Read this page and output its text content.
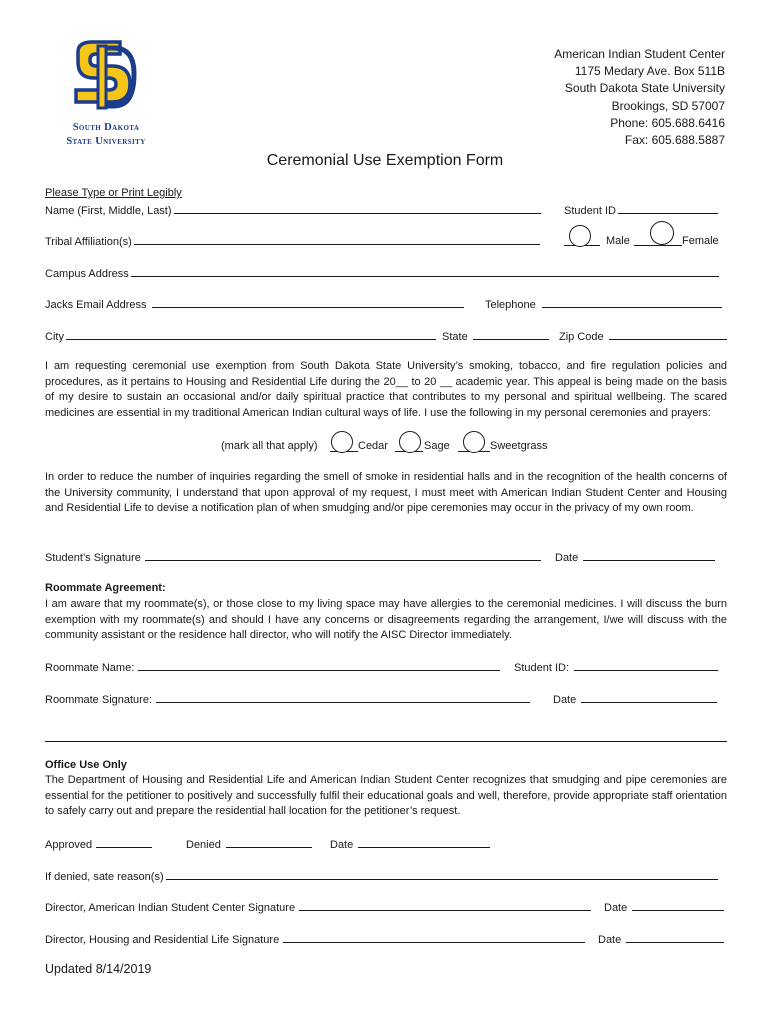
South Dakota
State University
American Indian Student Center
1175 Medary Ave. Box 511B
South Dakota State University
Brookings, SD 57007
Phone: 605.688.6416
Fax: 605.688.5887
Ceremonial Use Exemption Form
Please Type or Print Legibly
Name (First, Middle, Last)	Student ID
Tribal Affiliation(s)	Male	Female
Campus Address
Jacks Email Address	Telephone
City	State	Zip Code
I am requesting ceremonial use exemption from South Dakota State University’s smoking, tobacco, and fire regulation policies and procedures, as it pertains to Housing and Residential Life during the 20__ to 20 __ academic year. This appeal is being made on the basis of my desire to sustain an occasional and/or daily spiritual practice that contributes to my personal and spiritual wellbeing. The scared medicines are essential in my traditional American Indian cultural ways of life. I use the following in my personal ceremonies and prayers:
(mark all that apply)	Cedar	Sage	Sweetgrass
In order to reduce the number of inquiries regarding the smell of smoke in residential halls and in the recognition of the health concerns of the University community, I understand that upon approval of my request, I must meet with American Indian Student Center and Housing and Residential Life to devise a notification plan of when smudging and/or pipe ceremonies may occur in the privacy of my own room.
Student’s Signature	Date
Roommate Agreement:
I am aware that my roommate(s), or those close to my living space may have allergies to the ceremonial medicines. I will discuss the burn exemption with my roommate(s) and should I have any concerns or disagreements regarding the arrangement, I/we will discuss with the community assistant or the residence hall director, who will notify the AISC Director immediately.
Roommate Name:	Student ID:
Roommate Signature:	Date
Office Use Only
The Department of Housing and Residential Life and American Indian Student Center recognizes that smudging and pipe ceremonies are essential for the petitioner to positively and successfully fulfil their educational goals and well, therefore, provide appropriate staff orientation to safely carry out and prepare the residential hall location for the petitioner’s request.
Approved	Denied	Date
If denied, sate reason(s)
Director, American Indian Student Center Signature	Date
Director, Housing and Residential Life Signature	Date
Updated 8/14/2019
